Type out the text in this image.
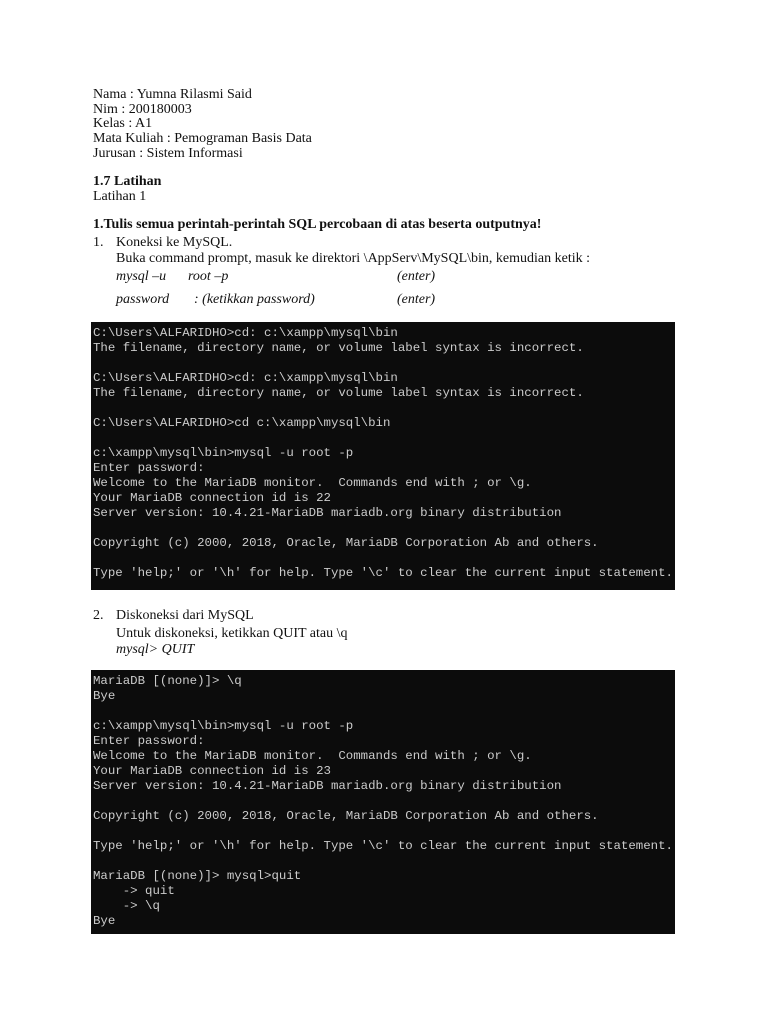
Nama : Yumna Rilasmi Said
Nim : 200180003
Kelas : A1
Mata Kuliah : Pemograman Basis Data
Jurusan : Sistem Informasi
1.7 Latihan
Latihan 1
1.Tulis semua perintah-perintah SQL percobaan di atas beserta outputnya!
1. Koneksi ke MySQL.
Buka command prompt, masuk ke direktori \AppServ\MySQL\bin, kemudian ketik :
mysql –u root –p	(enter)
password : (ketikkan password)	(enter)
C:\Users\ALFARIDHO>cd: c:\xampp\mysql\bin
The filename, directory name, or volume label syntax is incorrect.
C:\Users\ALFARIDHO>cd: c:\xampp\mysql\bin
The filename, directory name, or volume label syntax is incorrect.
C:\Users\ALFARIDHO>cd c:\xampp\mysql\bin
c:\xampp\mysql\bin>mysql -u root -p
Enter password:
Welcome to the MariaDB monitor.  Commands end with ; or \g.
Your MariaDB connection id is 22
Server version: 10.4.21-MariaDB mariadb.org binary distribution
Copyright (c) 2000, 2018, Oracle, MariaDB Corporation Ab and others.
Type 'help;' or '\h' for help. Type '\c' to clear the current input statement.
2. Diskoneksi dari MySQL
Untuk diskoneksi, ketikkan QUIT atau \q
mysql> QUIT
MariaDB [(none)]> \q
Bye
c:\xampp\mysql\bin>mysql -u root -p
Enter password:
Welcome to the MariaDB monitor.  Commands end with ; or \g.
Your MariaDB connection id is 23
Server version: 10.4.21-MariaDB mariadb.org binary distribution
Copyright (c) 2000, 2018, Oracle, MariaDB Corporation Ab and others.
Type 'help;' or '\h' for help. Type '\c' to clear the current input statement.
MariaDB [(none)]> mysql>quit
-> quit
-> \q
Bye
